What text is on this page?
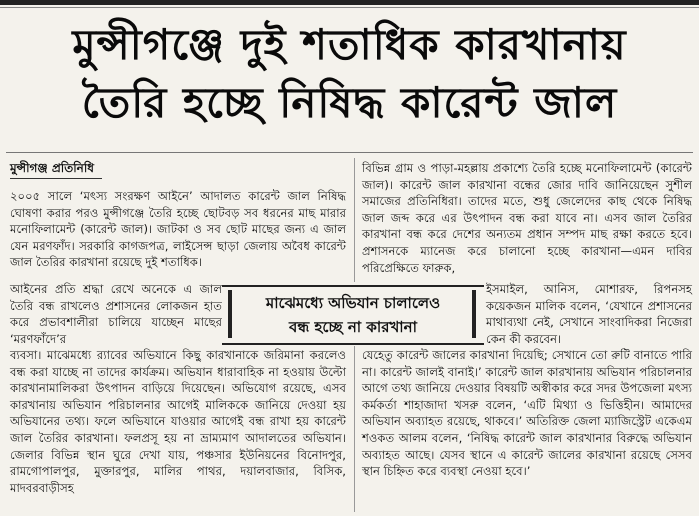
মুন্সীগঞ্জে দুই শতাধিক কারখানায়
তৈরি হচ্ছে নিষিদ্ধ কারেন্ট জাল
মুন্সীগঞ্জ প্রতিনিধি

২০০৫ সালে ‘মৎস্য সংরক্ষণ আইনে’ আদালত কারেন্ট জাল নিষিদ্ধ ঘোষণা করার পরও মুন্সীগঞ্জে তৈরি হচ্ছে ছোটবড় সব ধরনের মাছ মারার মনোফিলামেন্ট (কারেন্ট জাল)। জাটকা ও সব ছোট মাছের জন্য এ জাল যেন মরণফাঁদ। সরকারি কাগজপত্র, লাইসেন্স ছাড়া জেলায় অবৈধ কারেন্ট জাল তৈরির কারখানা রয়েছে দুই শতাধিক।

আইনের প্রতি শ্রদ্ধা রেখে অনেকে এ জাল তৈরি বন্ধ রাখলেও প্রশাসনের লোকজন হাত করে প্রভাবশালীরা চালিয়ে যাচ্ছেন মাছের ‘মরণফাঁদে’র

ব্যবসা। মাঝেমধ্যে র‍্যাবের অভিযানে কিছু কারখানাকে জরিমানা করলেও বন্ধ করা যাচ্ছে না তাদের কার্যক্রম। অভিযান ধারাবাহিক না হওয়ায় উল্টো কারখানামালিকরা উৎপাদন বাড়িয়ে দিয়েছেন। অভিযোগ রয়েছে, এসব কারখানায় অভিযান পরিচালনার আগেই মালিককে জানিয়ে দেওয়া হয় অভিযানের তথ্য। ফলে অভিযানে যাওয়ার আগেই বন্ধ রাখা হয় কারেন্ট জাল তৈরির কারখানা। ফলপ্রসূ হয় না ভ্রাম্যমাণ আদালতের অভিযান। জেলার বিভিন্ন স্থান ঘুরে দেখা যায়, পঞ্চসার ইউনিয়নের বিনোদপুর, রামগোপালপুর, মুক্তারপুর, মালির পাথর, দয়ালবাজার, বিসিক, মাদবরবাড়ীসহ

বিভিন্ন গ্রাম ও পাড়া-মহল্লায় প্রকাশ্যে তৈরি হচ্ছে মনোফিলামেন্ট (কারেন্ট জাল)। কারেন্ট জাল কারখানা বন্ধের জোর দাবি জানিয়েছেন সুশীল সমাজের প্রতিনিধিরা। তাদের মতে, শুধু জেলেদের কাছ থেকে নিষিদ্ধ জাল জব্দ করে এর উৎপাদন বন্ধ করা যাবে না। এসব জাল তৈরির কারখানা বন্ধ করে দেশের অন্যতম প্রধান সম্পদ মাছ রক্ষা করতে হবে। প্রশাসনকে ম্যানেজ করে চালানো হচ্ছে কারখানা—এমন দাবির পরিপ্রেক্ষিতে ফারুক,

ইসমাইল, আনিস, মোশারফ, রিপনসহ কয়েকজন মালিক বলেন, ‘যেখানে প্রশাসনের মাথাব্যথা নেই, সেখানে সাংবাদিকরা নিজেরা কেন কী করবেন।

মাঝেমধ্যে অভিযান চালালেও
বন্ধ হচ্ছে না কারখানা

যেহেতু কারেন্ট জালের কারখানা দিয়েছি; সেখানে তো রুটি বানাতে পারি না। কারেন্ট জালই বানাই।’ কারেন্ট জাল কারখানায় অভিযান পরিচালনার আগে তথ্য জানিয়ে দেওয়ার বিষয়টি অস্বীকার করে সদর উপজেলা মৎস্য কর্মকর্তা শাহাজাদা খসরু বলেন, ‘এটি মিথ্যা ও ভিত্তিহীন। আমাদের অভিযান অব্যাহত রয়েছে, থাকবে।’ অতিরিক্ত জেলা ম্যাজিস্ট্রেট একেএম শওকত আলম বলেন, ‘নিষিদ্ধ কারেন্ট জাল কারখানার বিরুদ্ধে অভিযান অব্যাহত আছে। যেসব স্থানে এ কারেন্ট জালের কারখানা রয়েছে সেসব স্থান চিহ্নিত করে ব্যবস্থা নেওয়া হবে।’
